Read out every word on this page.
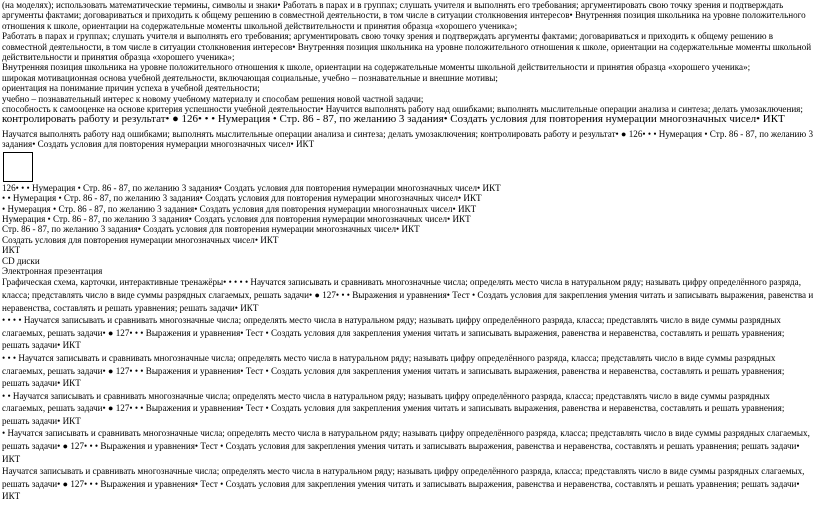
(на моделях); использовать математические термины, символы и знаки• Работать в парах и в группах; слушать учителя и выполнять его требования; аргументировать свою точку зрения и подтверждать аргументы фактами; договариваться и приходить к общему решению в совместной деятельности, в том числе в ситуации столкновения интересов• Внутренняя позиция школьника на уровне положительного отношения к школе, ориентации на содержательные моменты школьной действительности и принятия образца «хорошего ученика»;
Работать в парах и группах; слушать учителя и выполнять его требования; аргументировать свою точку зрения и подтверждать аргументы фактами; договариваться и приходить к общему решению в совместной деятельности, в том числе в ситуации столкновения интересов• Внутренняя позиция школьника на уровне положительного отношения к школе, ориентации на содержательные моменты школьной действительности и принятия образца «хорошего ученика»;
Внутренняя позиция школьника на уровне положительного отношения к школе, ориентации на содержательные моменты школьной действительности и принятия образца «хорошего ученика»;
широкая мотивационная основа учебной деятельности, включающая социальные, учебно – познавательные и внешние мотивы;
ориентация на понимание причин успеха в учебной деятельности;
учебно – познавательный интерес к новому учебному материалу и способам решения новой частной задачи;
способность к самооценке на основе критерия успешности учебной деятельности• Научится выполнять работу над ошибками; выполнять мыслительные операции анализа и синтеза; делать умозаключения;
контролировать работу и результат• ● 126• • • Нумерация • Стр. 86 - 87, по желанию 3 задания• Создать условия для повторения нумерации многозначных чисел• ИКТ
Научатся выполнять работу над ошибками; выполнять мыслительные операции анализа и синтеза; делать умозаключения; контролировать работу и результат• ● 126• • • Нумерация • Стр. 86 - 87, по желанию 3 задания• Создать условия для повторения нумерации многозначных чисел• ИКТ
126• • • Нумерация • Стр. 86 - 87, по желанию 3 задания• Создать условия для повторения нумерации многозначных чисел• ИКТ
• • Нумерация • Стр. 86 - 87, по желанию 3 задания• Создать условия для повторения нумерации многозначных чисел• ИКТ
• Нумерация • Стр. 86 - 87, по желанию 3 задания• Создать условия для повторения нумерации многозначных чисел• ИКТ
Нумерация • Стр. 86 - 87, по желанию 3 задания• Создать условия для повторения нумерации многозначных чисел• ИКТ
Стр. 86 - 87, по желанию 3 задания• Создать условия для повторения нумерации многозначных чисел• ИКТ
Создать условия для повторения нумерации многозначных чисел• ИКТ
ИКТ
CD диски
Электронная презентация
Графическая схема, карточки, интерактивные тренажёры• • • • • Научатся записывать и сравнивать многозначные числа; определять место числа в натуральном ряду; называть цифру определённого разряда, класса; представлять число в виде суммы разрядных слагаемых, решать задачи• ● 127• • • Выражения и уравнения• Тест • Создать условия для закрепления умения читать и записывать выражения, равенства и неравенства, составлять и решать уравнения; решать задачи• ИКТ
• • • • Научатся записывать и сравнивать многозначные числа; определять место числа в натуральном ряду; называть цифру определённого разряда, класса; представлять число в виде суммы разрядных слагаемых, решать задачи• ● 127• • • Выражения и уравнения• Тест • Создать условия для закрепления умения читать и записывать выражения, равенства и неравенства, составлять и решать уравнения; решать задачи• ИКТ
• • • Научатся записывать и сравнивать многозначные числа; определять место числа в натуральном ряду; называть цифру определённого разряда, класса; представлять число в виде суммы разрядных слагаемых, решать задачи• ● 127• • • Выражения и уравнения• Тест • Создать условия для закрепления умения читать и записывать выражения, равенства и неравенства, составлять и решать уравнения; решать задачи• ИКТ
• • Научатся записывать и сравнивать многозначные числа; определять место числа в натуральном ряду; называть цифру определённого разряда, класса; представлять число в виде суммы разрядных слагаемых, решать задачи• ● 127• • • Выражения и уравнения• Тест • Создать условия для закрепления умения читать и записывать выражения, равенства и неравенства, составлять и решать уравнения; решать задачи• ИКТ
• Научатся записывать и сравнивать многозначные числа; определять место числа в натуральном ряду; называть цифру определённого разряда, класса; представлять число в виде суммы разрядных слагаемых, решать задачи• ● 127• • • Выражения и уравнения• Тест • Создать условия для закрепления умения читать и записывать выражения, равенства и неравенства, составлять и решать уравнения; решать задачи• ИКТ
Научатся записывать и сравнивать многозначные числа; определять место числа в натуральном ряду; называть цифру определённого разряда, класса; представлять число в виде суммы разрядных слагаемых, решать задачи• ● 127• • • Выражения и уравнения• Тест • Создать условия для закрепления умения читать и записывать выражения, равенства и неравенства, составлять и решать уравнения; решать задачи• ИКТ
